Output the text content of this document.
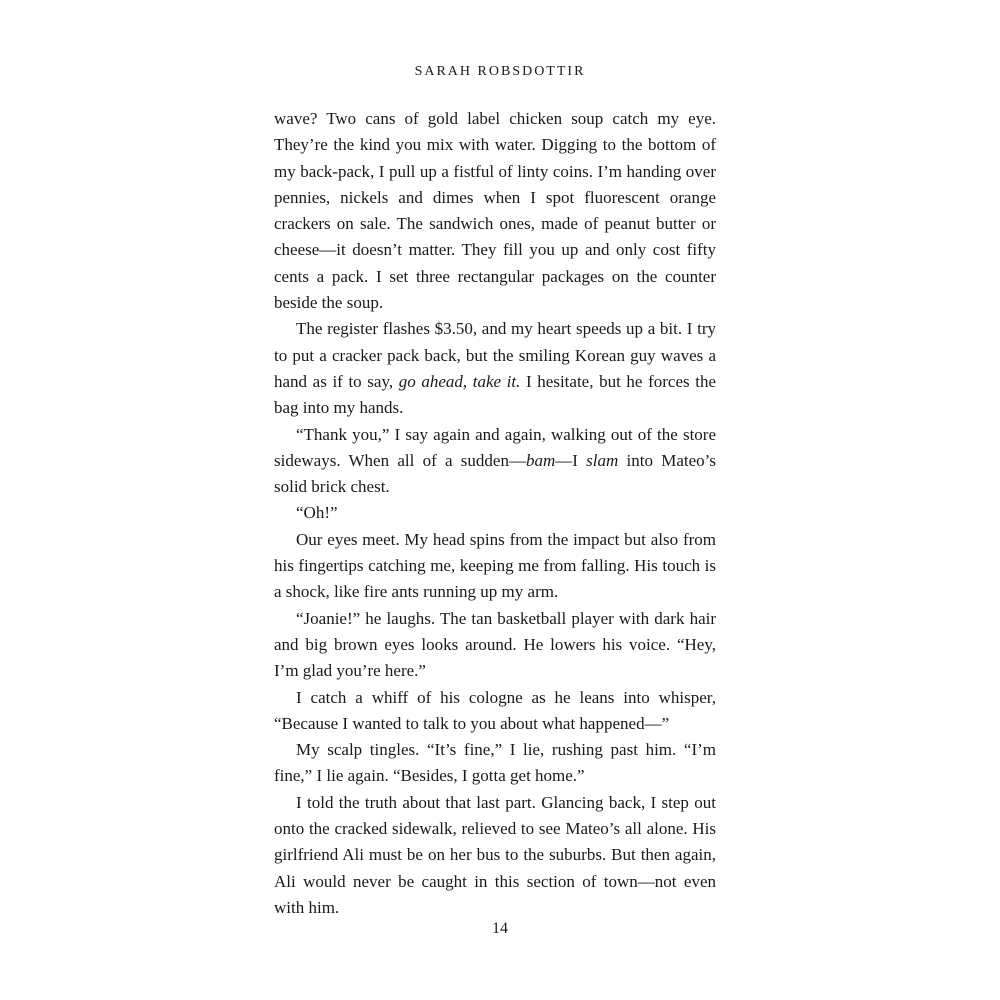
SARAH ROBSDOTTIR

wave? Two cans of gold label chicken soup catch my eye. They’re the kind you mix with water. Digging to the bottom of my back-pack, I pull up a fistful of linty coins. I’m handing over pennies, nickels and dimes when I spot fluorescent orange crackers on sale. The sandwich ones, made of peanut butter or cheese—it doesn’t matter. They fill you up and only cost fifty cents a pack. I set three rectangular packages on the counter beside the soup.

The register flashes $3.50, and my heart speeds up a bit. I try to put a cracker pack back, but the smiling Korean guy waves a hand as if to say, go ahead, take it. I hesitate, but he forces the bag into my hands.

“Thank you,” I say again and again, walking out of the store sideways. When all of a sudden—bam—I slam into Mateo’s solid brick chest.

“Oh!”

Our eyes meet. My head spins from the impact but also from his fingertips catching me, keeping me from falling. His touch is a shock, like fire ants running up my arm.

“Joanie!” he laughs. The tan basketball player with dark hair and big brown eyes looks around. He lowers his voice. “Hey, I’m glad you’re here.”

I catch a whiff of his cologne as he leans into whisper, “Because I wanted to talk to you about what happened—”

My scalp tingles. “It’s fine,” I lie, rushing past him. “I’m fine,” I lie again. “Besides, I gotta get home.”

I told the truth about that last part. Glancing back, I step out onto the cracked sidewalk, relieved to see Mateo’s all alone. His girlfriend Ali must be on her bus to the suburbs. But then again, Ali would never be caught in this section of town—not even with him.

14
